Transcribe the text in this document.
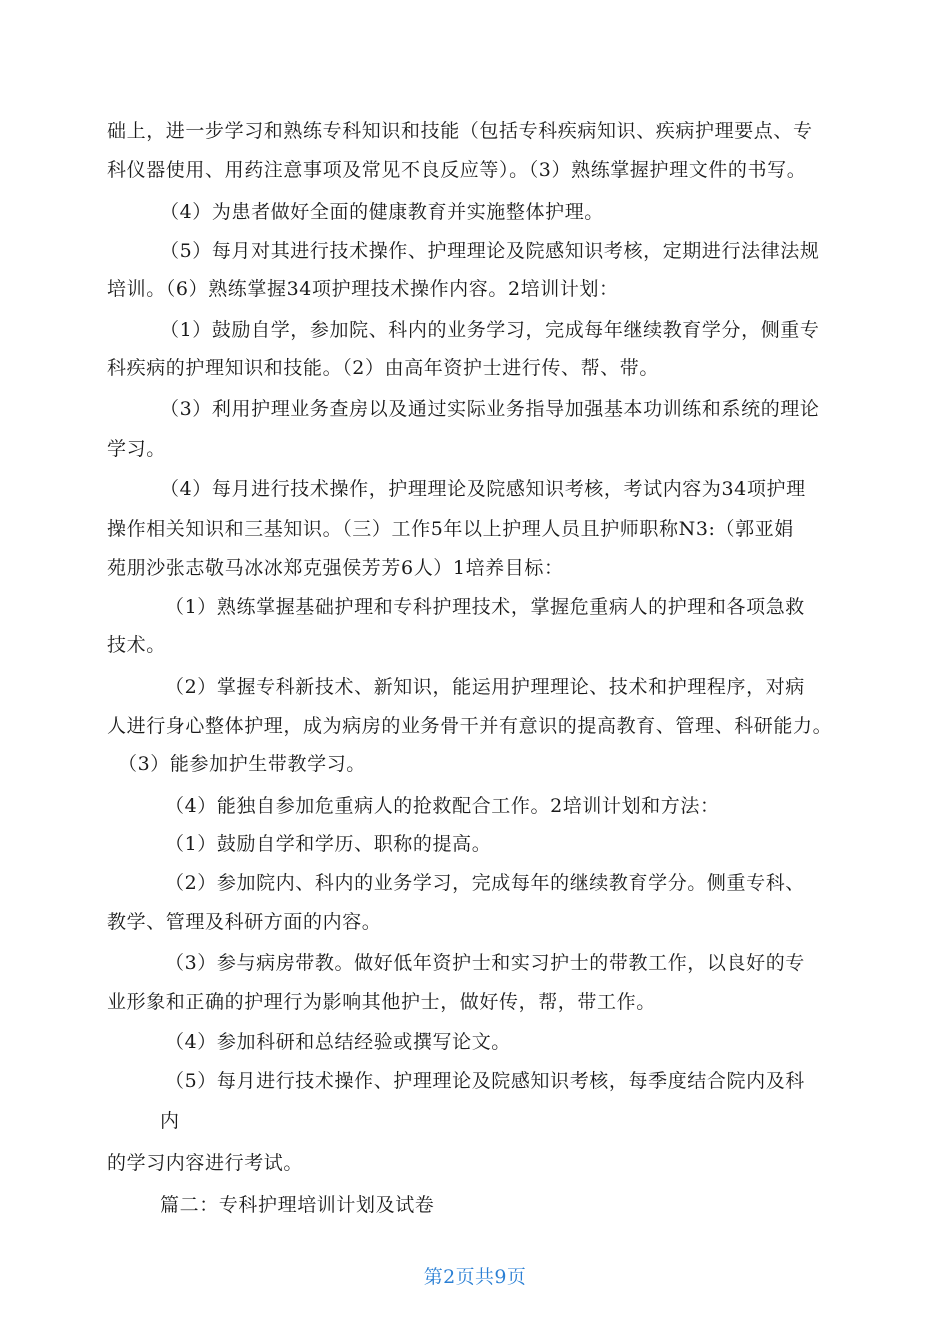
础上，进一步学习和熟练专科知识和技能（包括专科疾病知识、疾病护理要点、专
科仪器使用、用药注意事项及常见不良反应等）。（3）熟练掌握护理文件的书写。
（4）为患者做好全面的健康教育并实施整体护理。
（5）每月对其进行技术操作、护理理论及院感知识考核，定期进行法律法规
培训。（6）熟练掌握34项护理技术操作内容。2培训计划：
（1）鼓励自学，参加院、科内的业务学习，完成每年继续教育学分，侧重专
科疾病的护理知识和技能。（2）由高年资护士进行传、帮、带。
（3）利用护理业务查房以及通过实际业务指导加强基本功训练和系统的理论
学习。
（4）每月进行技术操作，护理理论及院感知识考核，考试内容为34项护理
操作相关知识和三基知识。（三）工作5年以上护理人员且护师职称N3:（郭亚娟
苑朋沙张志敬马冰冰郑克强侯芳芳6人）1培养目标：
（1）熟练掌握基础护理和专科护理技术，掌握危重病人的护理和各项急救
技术。
（2）掌握专科新技术、新知识，能运用护理理论、技术和护理程序，对病
人进行身心整体护理，成为病房的业务骨干并有意识的提高教育、管理、科研能力。
（3）能参加护生带教学习。
（4）能独自参加危重病人的抢救配合工作。2培训计划和方法：
（1）鼓励自学和学历、职称的提高。
（2）参加院内、科内的业务学习，完成每年的继续教育学分。侧重专科、
教学、管理及科研方面的内容。
（3）参与病房带教。做好低年资护士和实习护士的带教工作，以良好的专
业形象和正确的护理行为影响其他护士，做好传，帮，带工作。
（4）参加科研和总结经验或撰写论文。
（5）每月进行技术操作、护理理论及院感知识考核，每季度结合院内及科
内
的学习内容进行考试。
篇二：专科护理培训计划及试卷
第2页共9页
